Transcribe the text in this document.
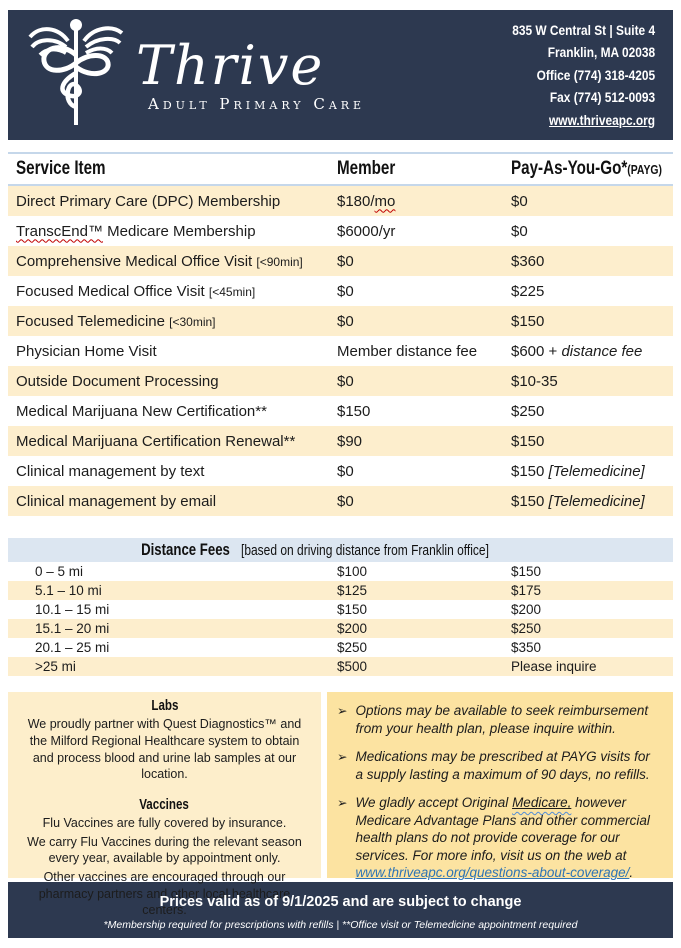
Thrive
Adult Primary Care
835 W Central St | Suite 4
Franklin, MA 02038
Office (774) 318-4205
Fax (774) 512-0093
www.thriveapc.org
Service Item	Member	Pay-As-You-Go*(PAYG)
Direct Primary Care (DPC) Membership	$180/mo	$0
TranscEnd™ Medicare Membership	$6000/yr	$0
Comprehensive Medical Office Visit [<90min]	$0	$360
Focused Medical Office Visit [<45min]	$0	$225
Focused Telemedicine [<30min]	$0	$150
Physician Home Visit	Member distance fee	$600 + distance fee
Outside Document Processing	$0	$10-35
Medical Marijuana New Certification**	$150	$250
Medical Marijuana Certification Renewal**	$90	$150
Clinical management by text	$0	$150 [Telemedicine]
Clinical management by email	$0	$150 [Telemedicine]
Distance Fees[based on driving distance from Franklin office]
0 – 5 mi	$100	$150
5.1 – 10 mi	$125	$175
10.1 – 15 mi	$150	$200
15.1 – 20 mi	$200	$250
20.1 – 25 mi	$250	$350
>25 mi	$500	Please inquire
Labs

We proudly partner with Quest Diagnostics™ and the Milford Regional Healthcare system to obtain and process blood and urine lab samples at our location.

Vaccines

Flu Vaccines are fully covered by insurance.

We carry Flu Vaccines during the relevant season every year, available by appointment only.

Other vaccines are encouraged through our pharmacy partners and other local healthcare centers.

➢ Options may be available to seek reimbursement from your health plan, please inquire within.
➢ Medications may be prescribed at PAYG visits for a supply lasting a maximum of 90 days, no refills.
➢ We gladly accept Original Medicare, however Medicare Advantage Plans and other commercial health plans do not provide coverage for our services. For more info, visit us on the web at www.thriveapc.org/questions-about-coverage/.
Prices valid as of 9/1/2025 and are subject to change
*Membership required for prescriptions with refills | **Office visit or Telemedicine appointment required
